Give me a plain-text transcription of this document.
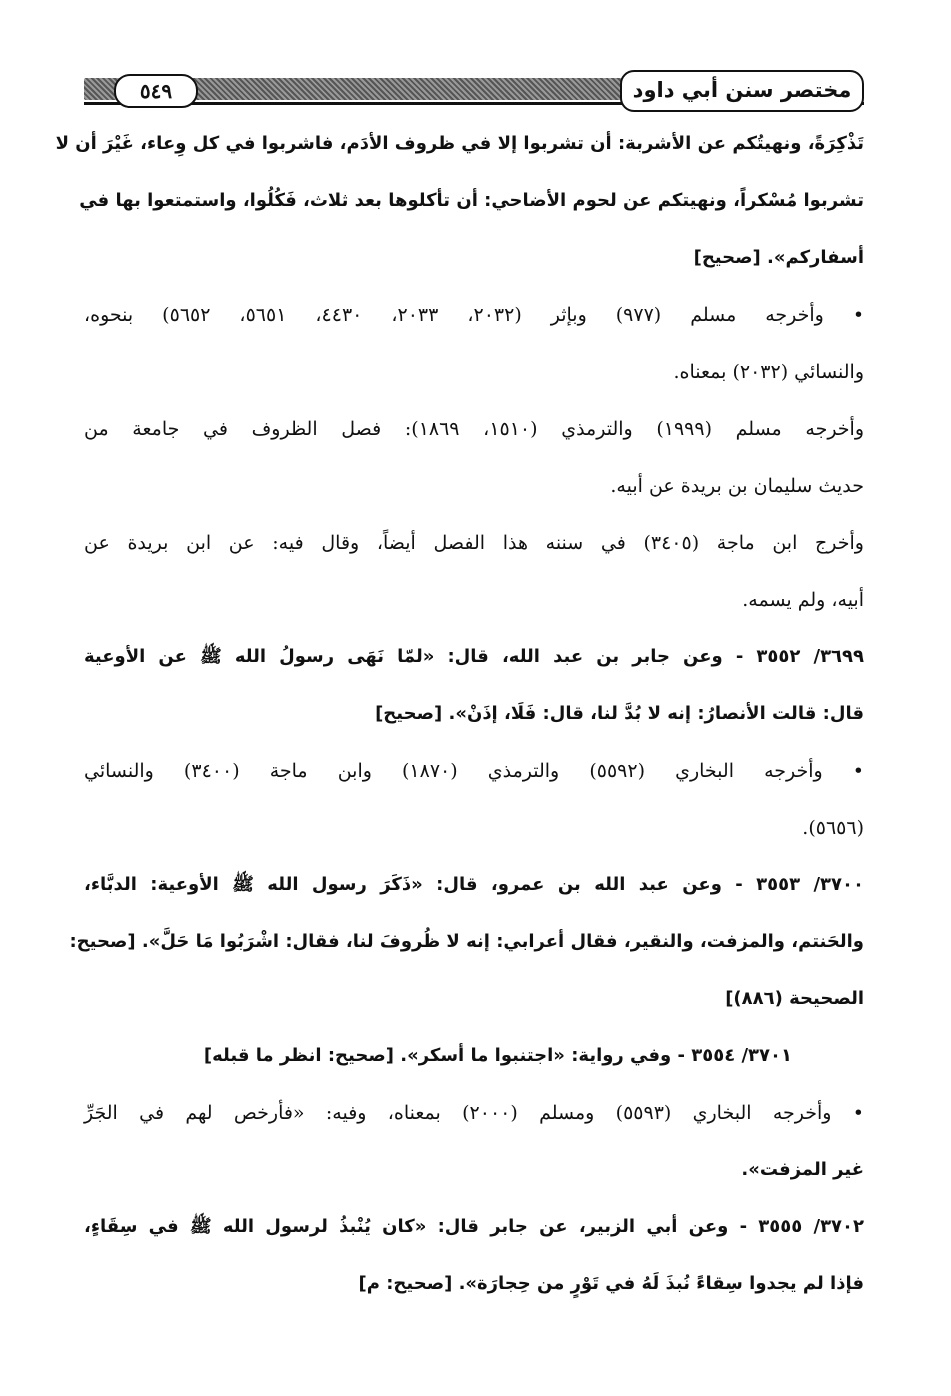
٥٤٩	مختصر سنن أبي داود
تَذْكِرَةً، ونهيتُكم عن الأشربة: أن تشربوا إلا في ظروف الأدَم، فاشربوا في كل وِعاء، غَيْرَ أن لا
تشربوا مُسْكراً، ونهيتكم عن لحوم الأضاحي: أن تأكلوها بعد ثلاث، فَكُلُوا، واستمتعوا بها في
أسفاركم». [صحيح]
• وأخرجه مسلم (٩٧٧) وبإثر (٢٠٣٢، ٢٠٣٣، ٤٤٣٠، ٥٦٥١، ٥٦٥٢) بنحوه،
والنسائي (٢٠٣٢) بمعناه.
وأخرجه مسلم (١٩٩٩) والترمذي (١٥١٠، ١٨٦٩): فصل الظروف في جامعة من
حديث سليمان بن بريدة عن أبيه.
وأخرج ابن ماجة (٣٤٠٥) في سننه هذا الفصل أيضاً، وقال فيه: عن ابن بريدة عن
أبيه، ولم يسمه.
٣٦٩٩/ ٣٥٥٢ - وعن جابر بن عبد الله، قال: «لمّا نَهَى رسولُ الله ﷺ عن الأوعية
قال: قالت الأنصارُ: إنه لا بُدَّ لنا، قال: فَلَا، إذَنْ». [صحيح]
• وأخرجه البخاري (٥٥٩٢) والترمذي (١٨٧٠) وابن ماجة (٣٤٠٠) والنسائي
(٥٦٥٦).
٣٧٠٠/ ٣٥٥٣ - وعن عبد الله بن عمرو، قال: «ذَكَرَ رسول الله ﷺ الأوعية: الدبَّاء،
والحَنتم، والمزفت، والنقير، فقال أعرابي: إنه لا ظُروفَ لنا، فقال: اشْرَبُوا مَا حَلَّ». [صحيح:
الصحيحة (٨٨٦)]
٣٧٠١/ ٣٥٥٤ - وفي رواية: «اجتنبوا ما أسكر». [صحيح: انظر ما قبله]
• وأخرجه البخاري (٥٥٩٣) ومسلم (٢٠٠٠) بمعناه، وفيه: «فأرخص لهم في الجَرِّ
غير المزفت».
٣٧٠٢/ ٣٥٥٥ - وعن أبي الزبير، عن جابر قال: «كان يُنْبذُ لرسول الله ﷺ في سِقَاءٍ،
فإذا لم يجدوا سِقاءً نُبذَ لَهُ في تَوْرٍ من حِجارَة». [صحيح: م]
